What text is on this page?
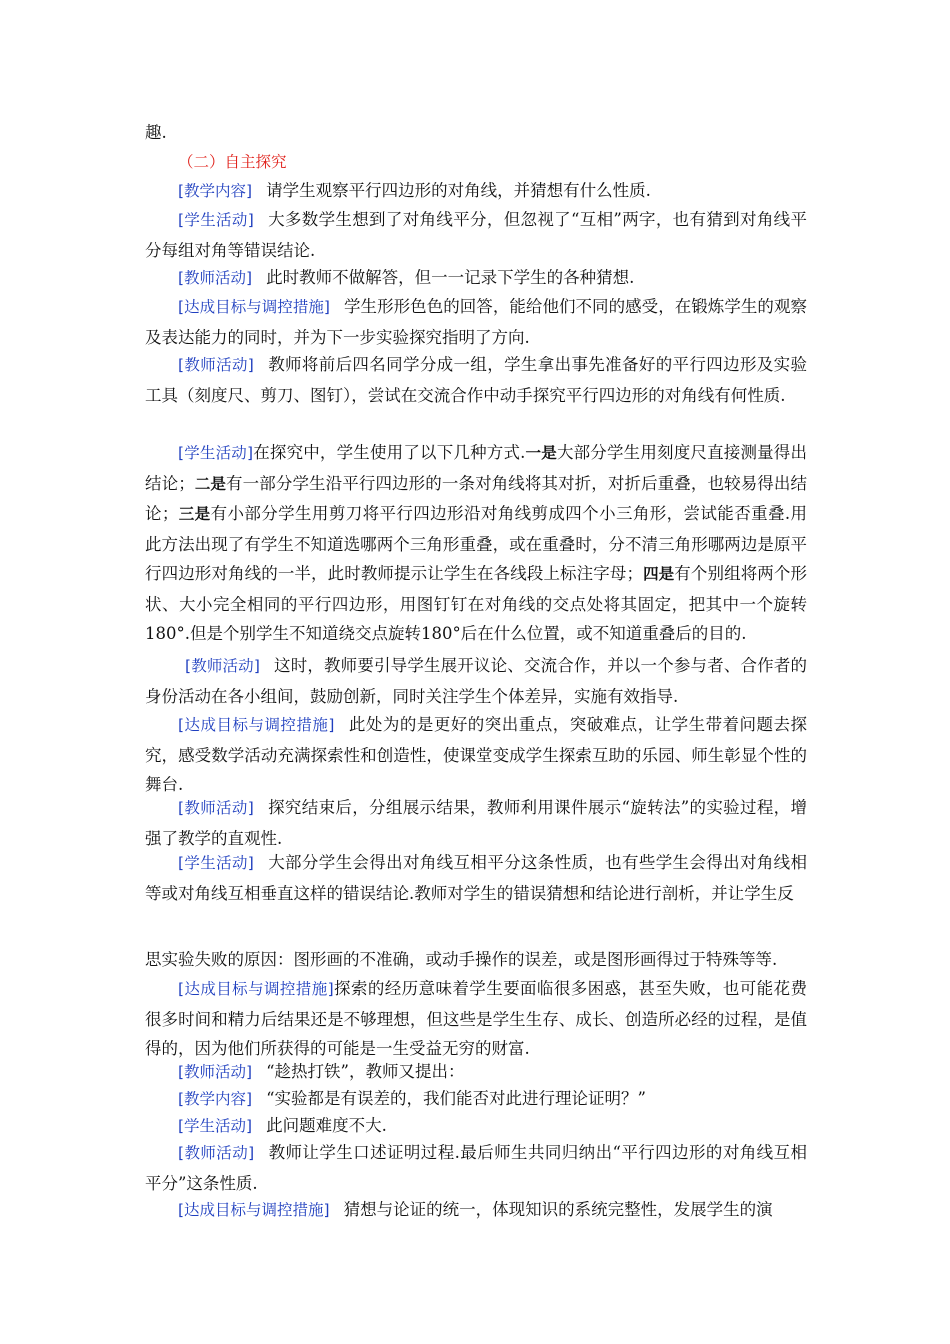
趣.

（二）自主探究

[教学内容] 请学生观察平行四边形的对角线，并猜想有什么性质.

[学生活动] 大多数学生想到了对角线平分，但忽视了“互相”两字，也有猜到对角线平分每组对角等错误结论.

[教师活动] 此时教师不做解答，但一一记录下学生的各种猜想.

[达成目标与调控措施] 学生形形色色的回答，能给他们不同的感受，在锻炼学生的观察及表达能力的同时，并为下一步实验探究指明了方向.

[教师活动] 教师将前后四名同学分成一组，学生拿出事先准备好的平行四边形及实验工具（刻度尺、剪刀、图钉），尝试在交流合作中动手探究平行四边形的对角线有何性质.

[学生活动]在探究中，学生使用了以下几种方式.一是大部分学生用刻度尺直接测量得出结论；二是有一部分学生沿平行四边形的一条对角线将其对折，对折后重叠，也较易得出结论；三是有小部分学生用剪刀将平行四边形沿对角线剪成四个小三角形，尝试能否重叠.用此方法出现了有学生不知道选哪两个三角形重叠，或在重叠时，分不清三角形哪两边是原平行四边形对角线的一半，此时教师提示让学生在各线段上标注字母；四是有个别组将两个形状、大小完全相同的平行四边形，用图钉钉在对角线的交点处将其固定，把其中一个旋转180°.但是个别学生不知道绕交点旋转180°后在什么位置，或不知道重叠后的目的.

[教师活动] 这时，教师要引导学生展开议论、交流合作，并以一个参与者、合作者的身份活动在各小组间，鼓励创新，同时关注学生个体差异，实施有效指导.

[达成目标与调控措施] 此处为的是更好的突出重点，突破难点，让学生带着问题去探究，感受数学活动充满探索性和创造性，使课堂变成学生探索互助的乐园、师生彰显个性的舞台.

[教师活动] 探究结束后，分组展示结果，教师利用课件展示“旋转法”的实验过程，增强了教学的直观性.

[学生活动] 大部分学生会得出对角线互相平分这条性质，也有些学生会得出对角线相等或对角线互相垂直这样的错误结论.教师对学生的错误猜想和结论进行剖析，并让学生反

思实验失败的原因：图形画的不准确，或动手操作的误差，或是图形画得过于特殊等等.

[达成目标与调控措施]探索的经历意味着学生要面临很多困惑，甚至失败，也可能花费很多时间和精力后结果还是不够理想，但这些是学生生存、成长、创造所必经的过程，是值得的，因为他们所获得的可能是一生受益无穷的财富.

[教师活动] “趁热打铁”，教师又提出：

[教学内容] “实验都是有误差的，我们能否对此进行理论证明？”

[学生活动] 此问题难度不大.

[教师活动] 教师让学生口述证明过程.最后师生共同归纳出“平行四边形的对角线互相平分”这条性质.

[达成目标与调控措施] 猜想与论证的统一，体现知识的系统完整性，发展学生的演
